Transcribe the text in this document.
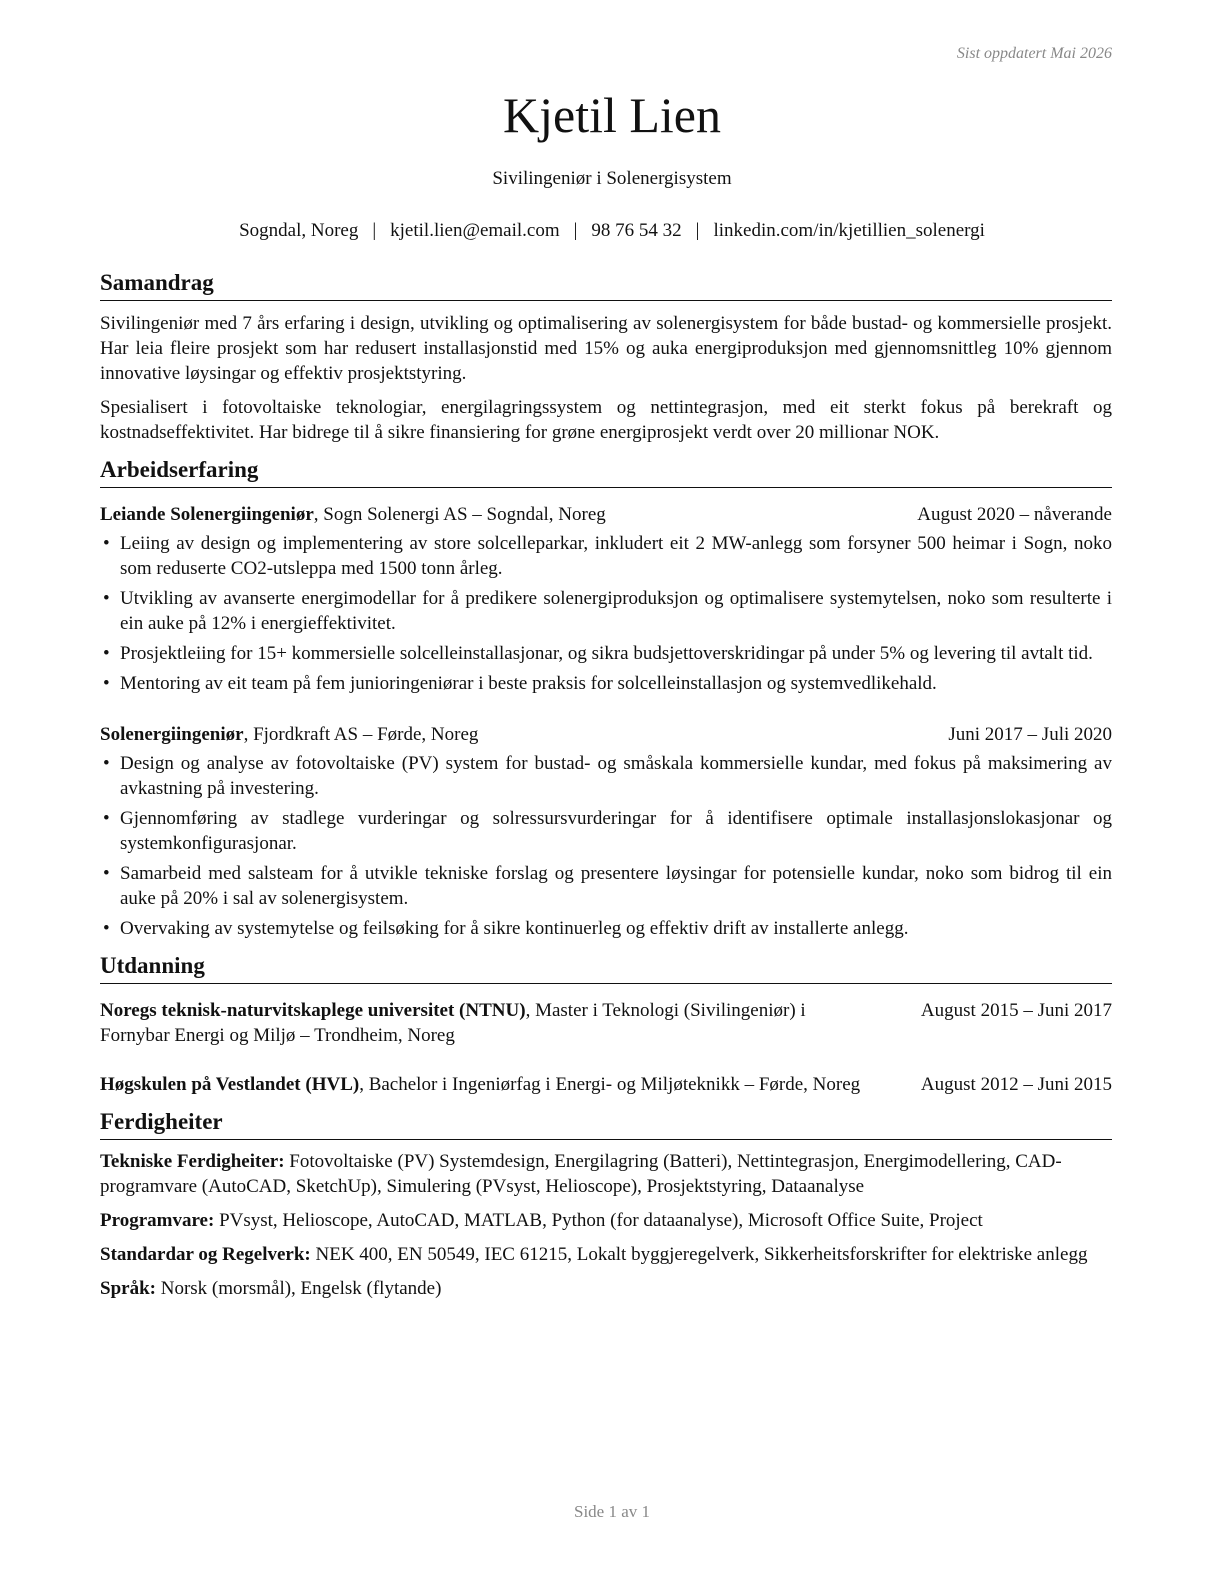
Sist oppdatert Mai 2026
Kjetil Lien
Sivilingeniør i Solenergisystem
Sogndal, Noreg | kjetil.lien@email.com | 98 76 54 32 | linkedin.com/in/kjetillien_solenergi
Samandrag

Sivilingeniør med 7 års erfaring i design, utvikling og optimalisering av solenergisystem for både bustad- og kommersielle prosjekt. Har leia fleire prosjekt som har redusert installasjonstid med 15% og auka energiproduksjon med gjennomsnittleg 10% gjennom innovative løysingar og effektiv prosjektstyring.

Spesialisert i fotovoltaiske teknologiar, energilagringssystem og nettintegrasjon, med eit sterkt fokus på berekraft og kostnadseffektivitet. Har bidrege til å sikre finansiering for grøne energiprosjekt verdt over 20 millionar NOK.

Arbeidserfaring
Leiande Solenergiingeniør, Sogn Solenergi AS – Sogndal, Noreg	August 2020 – nåverande
• Leiing av design og implementering av store solcelleparkar, inkludert eit 2 MW-anlegg som forsyner 500 heimar i Sogn, noko som reduserte CO2-utsleppa med 1500 tonn årleg.
• Utvikling av avanserte energimodellar for å predikere solenergiproduksjon og optimalisere systemytelsen, noko som resulterte i ein auke på 12% i energieffektivitet.
• Prosjektleiing for 15+ kommersielle solcelleinstallasjonar, og sikra budsjettoverskridingar på under 5% og levering til avtalt tid.
• Mentoring av eit team på fem junioringeniørar i beste praksis for solcelleinstallasjon og systemvedlikehald.
Solenergiingeniør, Fjordkraft AS – Førde, Noreg	Juni 2017 – Juli 2020
• Design og analyse av fotovoltaiske (PV) system for bustad- og småskala kommersielle kundar, med fokus på maksimering av avkastning på investering.
• Gjennomføring av stadlege vurderingar og solressursvurderingar for å identifisere optimale installasjonslokasjonar og systemkonfigurasjonar.
• Samarbeid med salsteam for å utvikle tekniske forslag og presentere løysingar for potensielle kundar, noko som bidrog til ein auke på 20% i sal av solenergisystem.
• Overvaking av systemytelse og feilsøking for å sikre kontinuerleg og effektiv drift av installerte anlegg.
Utdanning
Noregs teknisk-naturvitskaplege universitet (NTNU), Master i Teknologi (Sivilingeniør) i Fornybar Energi og Miljø – Trondheim, Noreg
August 2015 – Juni 2017
Høgskulen på Vestlandet (HVL), Bachelor i Ingeniørfag i Energi- og Miljøteknikk – Førde, Noreg	August 2012 – Juni 2015
Ferdigheiter
Tekniske Ferdigheiter: Fotovoltaiske (PV) Systemdesign, Energilagring (Batteri), Nettintegrasjon, Energimodellering, CAD-programvare (AutoCAD, SketchUp), Simulering (PVsyst, Helioscope), Prosjektstyring, Dataanalyse
Programvare: PVsyst, Helioscope, AutoCAD, MATLAB, Python (for dataanalyse), Microsoft Office Suite, Project
Standardar og Regelverk: NEK 400, EN 50549, IEC 61215, Lokalt byggjeregelverk, Sikkerheitsforskrifter for elektriske anlegg
Språk: Norsk (morsmål), Engelsk (flytande)
Side 1 av 1
